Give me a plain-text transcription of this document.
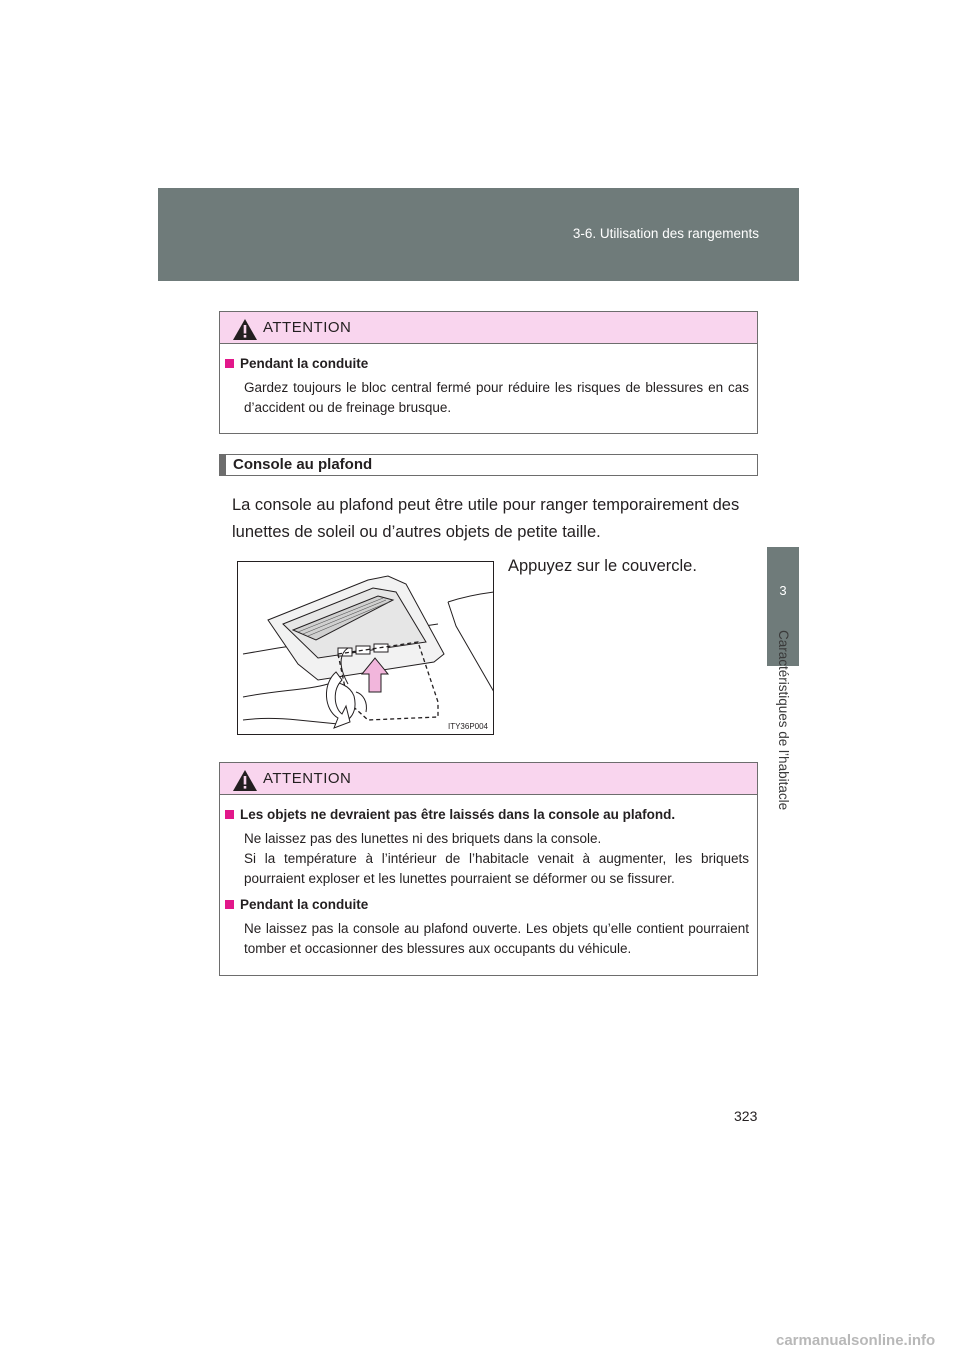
3-6. Utilisation des rangements
3
Caractéristiques de l’habitacle
ATTENTION
Pendant la conduite

Gardez toujours le bloc central fermé pour réduire les risques de blessures en cas d’accident ou de freinage brusque.

Console au plafond
La console au plafond peut être utile pour ranger temporairement des lunettes de soleil ou d’autres objets de petite taille.
ITY36P004
Appuyez sur le couvercle.
ATTENTION
Les objets ne devraient pas être laissés dans la console au plafond.

Ne laissez pas des lunettes ni des briquets dans la console.

Si la température à l’intérieur de l’habitacle venait à augmenter, les briquets pourraient exploser et les lunettes pourraient se déformer ou se fissurer.

Pendant la conduite

Ne laissez pas la console au plafond ouverte. Les objets qu’elle contient pourraient tomber et occasionner des blessures aux occupants du véhicule.

323
carmanualsonline.info
